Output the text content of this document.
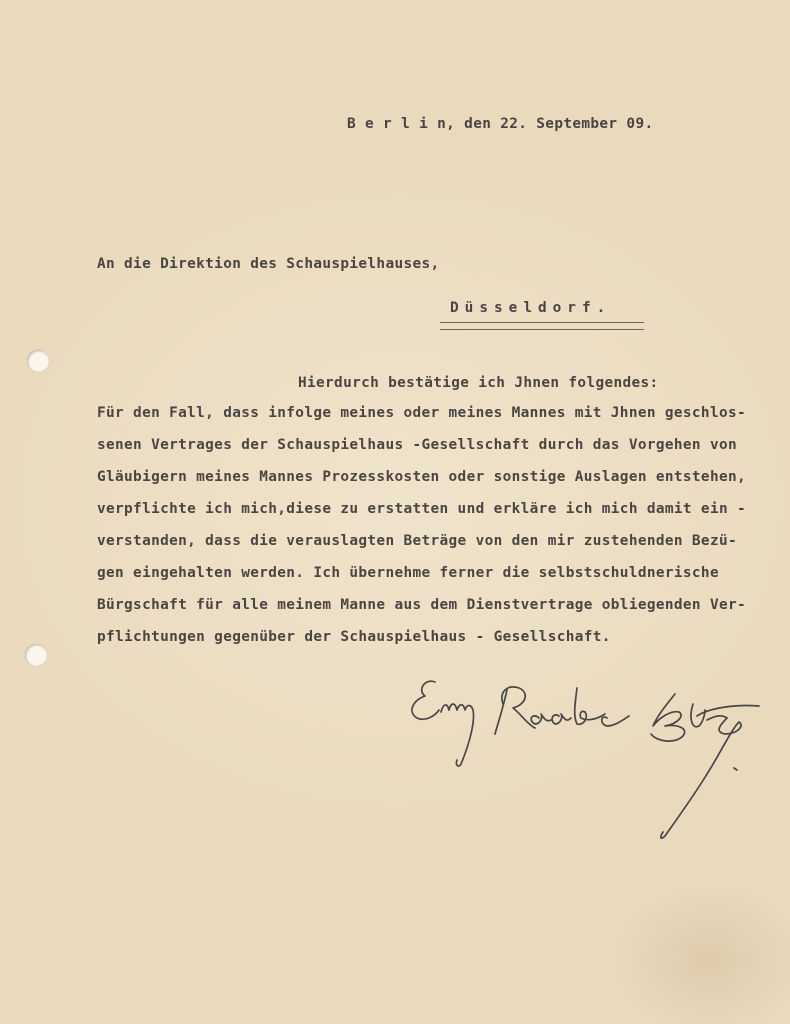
B e r l i n, den 22. September 09.
An die Direktion des Schauspielhauses,
Düsseldorf.
Hierdurch bestätige ich Jhnen folgendes:
Für den Fall, dass infolge meines oder meines Mannes mit Jhnen geschlos-
senen Vertrages der Schauspielhaus -Gesellschaft durch das Vorgehen von
Gläubigern meines Mannes Prozesskosten oder sonstige Auslagen entstehen,
verpflichte ich mich,diese zu erstatten und erkläre ich mich damit ein -
verstanden, dass die verauslagten Beträge von den mir zustehenden Bezü-
gen eingehalten werden. Ich übernehme ferner die selbstschuldnerische
Bürgschaft für alle meinem Manne aus dem Dienstvertrage obliegenden Ver-
pflichtungen gegenüber der Schauspielhaus - Gesellschaft.
